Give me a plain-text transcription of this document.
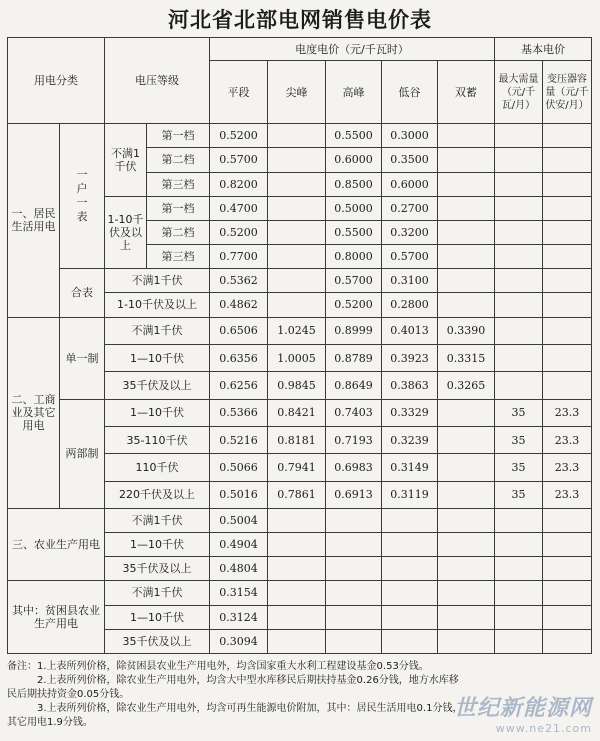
河北省北部电网销售电价表
用电分类		电压等级		电度电价（元/千瓦时）					基本电价	
				平段	尖峰	高峰	低谷	双蓄	最大需量（元/千瓦/月）	变压器容量（元/千伏安/月）

一、居民生活用电	一户一表	不满1千伏	第一档	0.5200		0.5500	0.3000			
			第二档	0.5700		0.6000	0.3500			
			第三档	0.8200		0.8500	0.6000			
		1-10千伏及以上	第一档	0.4700		0.5000	0.2700			
			第二档	0.5200		0.5500	0.3200			
			第三档	0.7700		0.8000	0.5700			
	合表	不满1千伏		0.5362		0.5700	0.3100			
		1-10千伏及以上		0.4862		0.5200	0.2800			
二、工商业及其它用电	单一制	不满1千伏		0.6506	1.0245	0.8999	0.4013	0.3390		
		1—10千伏		0.6356	1.0005	0.8789	0.3923	0.3315		
		35千伏及以上		0.6256	0.9845	0.8649	0.3863	0.3265		
	两部制	1—10千伏		0.5366	0.8421	0.7403	0.3329		35	23.3
		35-110千伏		0.5216	0.8181	0.7193	0.3239		35	23.3
		110千伏		0.5066	0.7941	0.6983	0.3149		35	23.3
		220千伏及以上		0.5016	0.7861	0.6913	0.3119		35	23.3
三、农业生产用电		不满1千伏		0.5004						
		1—10千伏		0.4904						
		35千伏及以上		0.4804						
其中：贫困县农业生产用电		不满1千伏		0.3154						
		1—10千伏		0.3124						
		35千伏及以上		0.3094						
备注：1.上表所列价格，除贫困县农业生产用电外，均含国家重大水利工程建设基金0.53分钱。
2.上表所列价格，除农业生产用电外，均含大中型水库移民后期扶持基金0.26分钱，地方水库移
民后期扶持资金0.05分钱。
3.上表所列价格，除农业生产用电外，均含可再生能源电价附加，其中：居民生活用电0.1分钱，
其它用电1.9分钱。
世纪新能源网
www.ne21.com
